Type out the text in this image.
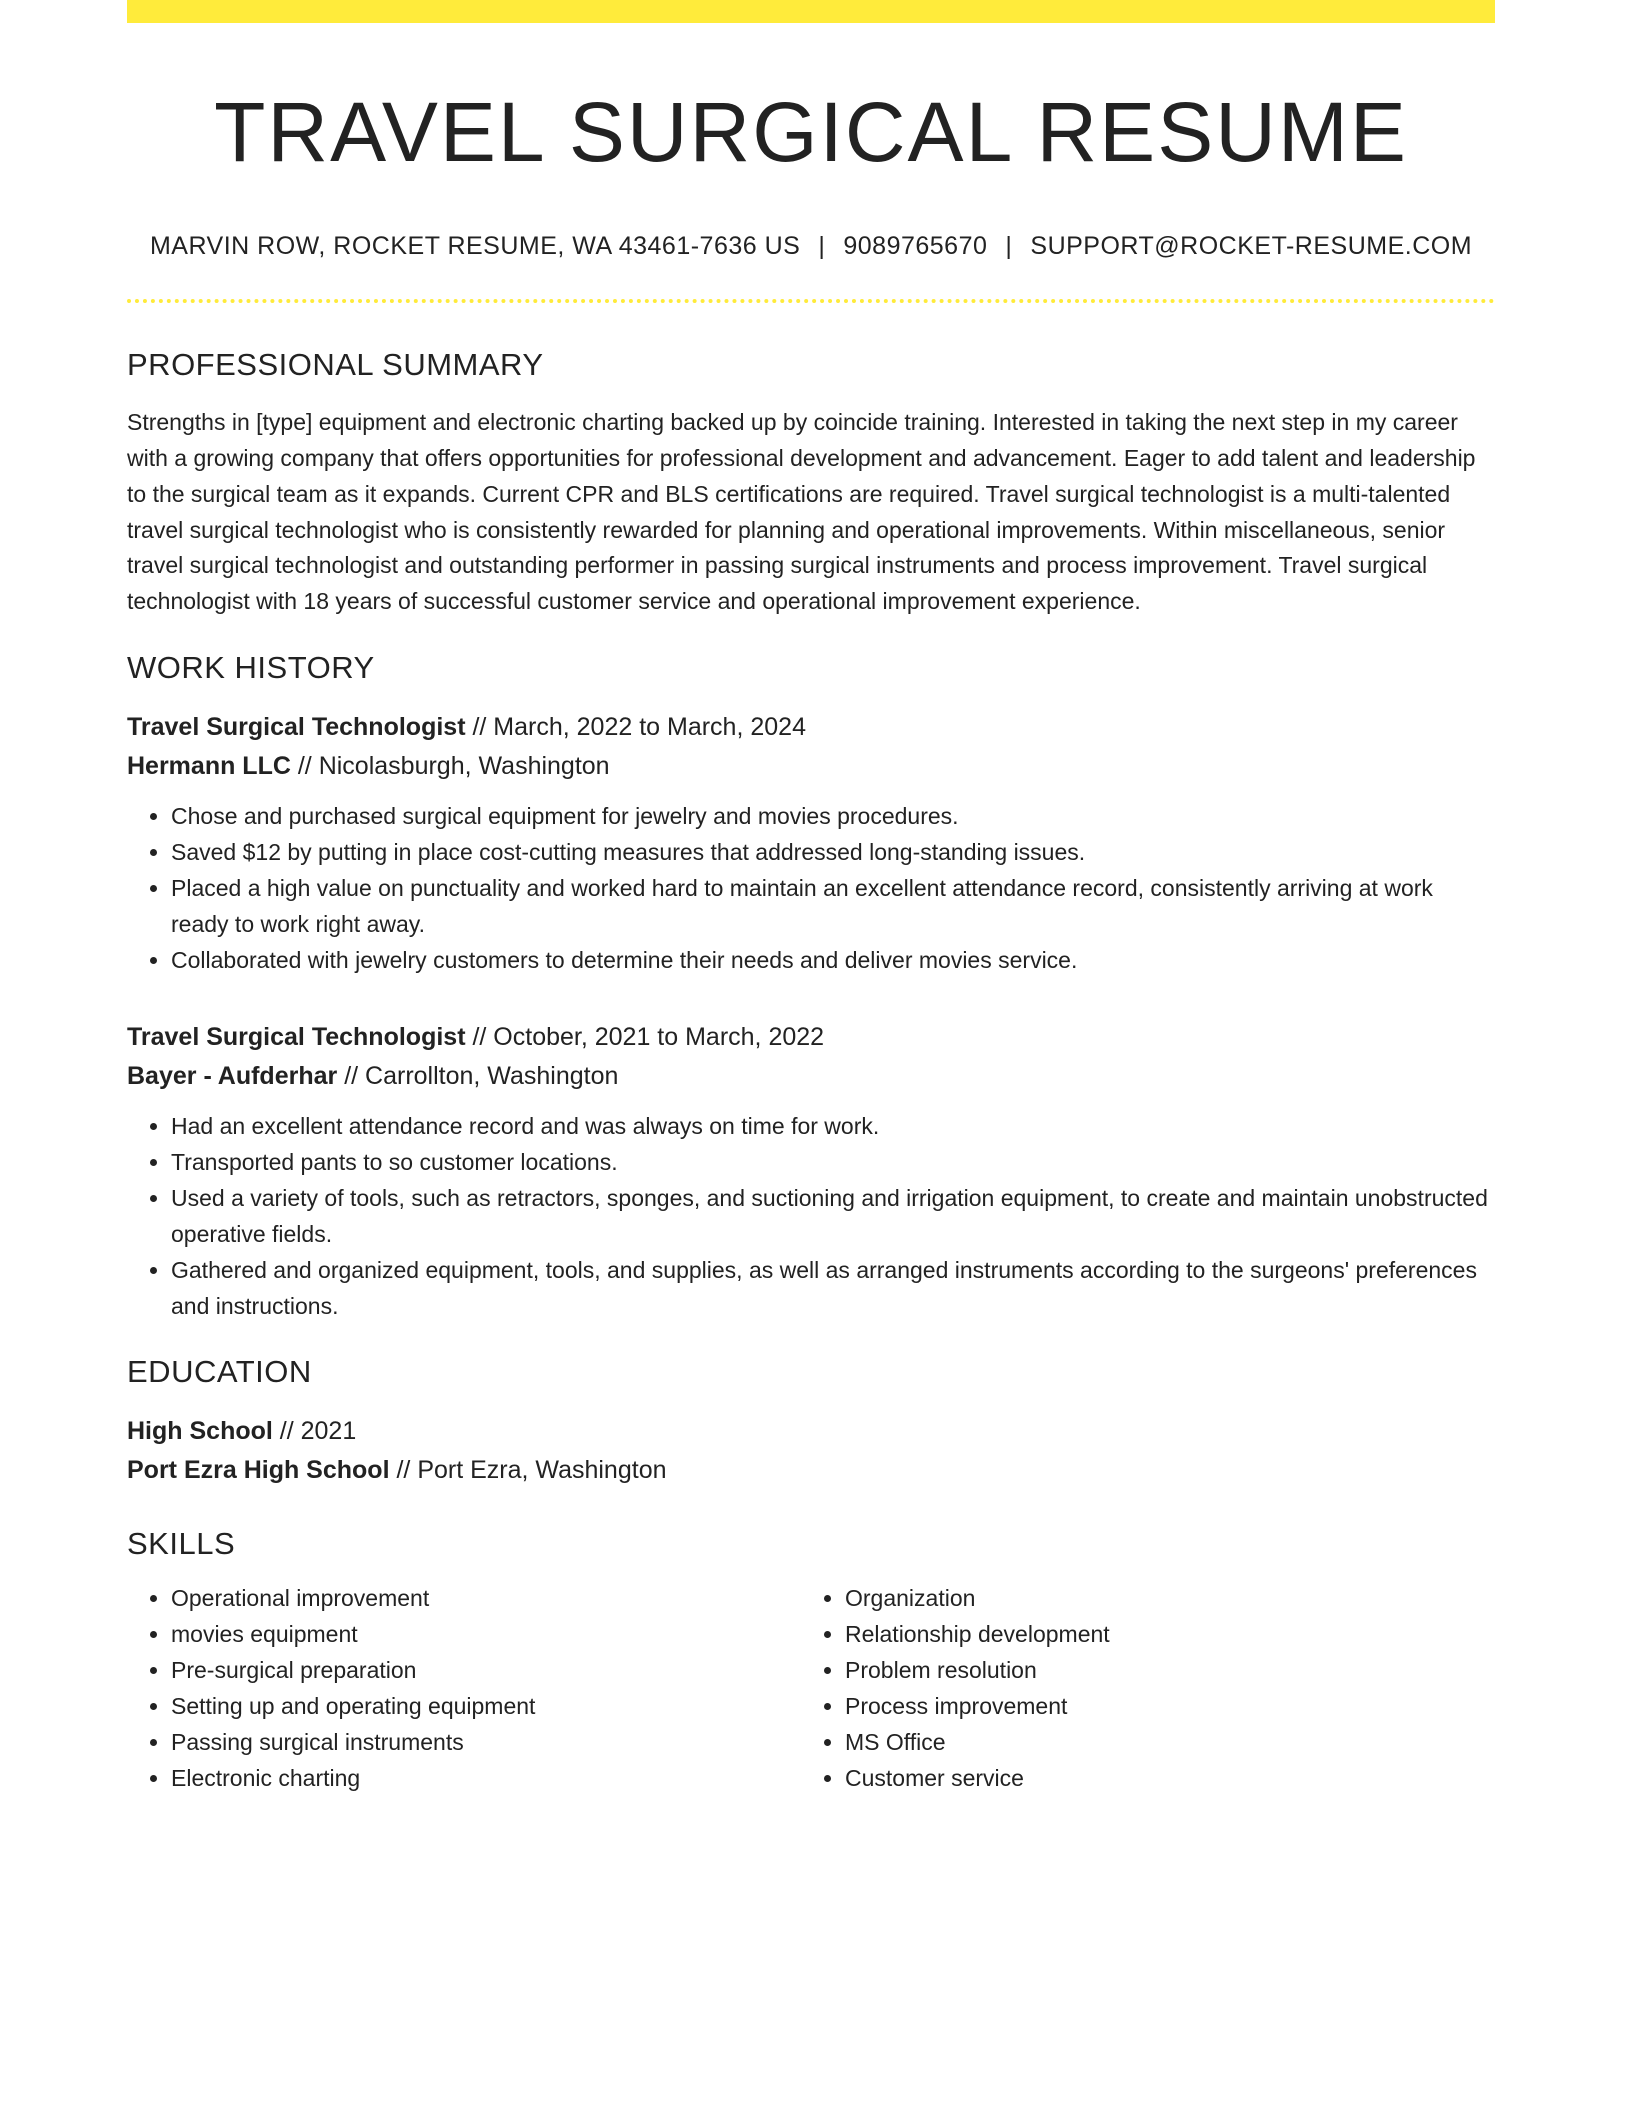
TRAVEL SURGICAL RESUME
MARVIN ROW, ROCKET RESUME, WA 43461-7636 US | 9089765670 | SUPPORT@ROCKET-RESUME.COM
PROFESSIONAL SUMMARY

Strengths in [type] equipment and electronic charting backed up by coincide training. Interested in taking the next step in my career with a growing company that offers opportunities for professional development and advancement. Eager to add talent and leadership to the surgical team as it expands. Current CPR and BLS certifications are required. Travel surgical technologist is a multi-talented travel surgical technologist who is consistently rewarded for planning and operational improvements. Within miscellaneous, senior travel surgical technologist and outstanding performer in passing surgical instruments and process improvement. Travel surgical technologist with 18 years of successful customer service and operational improvement experience.

WORK HISTORY
Travel Surgical Technologist // March, 2022 to March, 2024
Hermann LLC // Nicolasburgh, Washington
• Chose and purchased surgical equipment for jewelry and movies procedures.
• Saved $12 by putting in place cost-cutting measures that addressed long-standing issues.
• Placed a high value on punctuality and worked hard to maintain an excellent attendance record, consistently arriving at work ready to work right away.
• Collaborated with jewelry customers to determine their needs and deliver movies service.
Travel Surgical Technologist // October, 2021 to March, 2022
Bayer - Aufderhar // Carrollton, Washington
• Had an excellent attendance record and was always on time for work.
• Transported pants to so customer locations.
• Used a variety of tools, such as retractors, sponges, and suctioning and irrigation equipment, to create and maintain unobstructed operative fields.
• Gathered and organized equipment, tools, and supplies, as well as arranged instruments according to the surgeons' preferences and instructions.
EDUCATION
High School // 2021
Port Ezra High School // Port Ezra, Washington
SKILLS
• Operational improvement
• movies equipment
• Pre-surgical preparation
• Setting up and operating equipment
• Passing surgical instruments
• Electronic charting
• Organization
• Relationship development
• Problem resolution
• Process improvement
• MS Office
• Customer service
